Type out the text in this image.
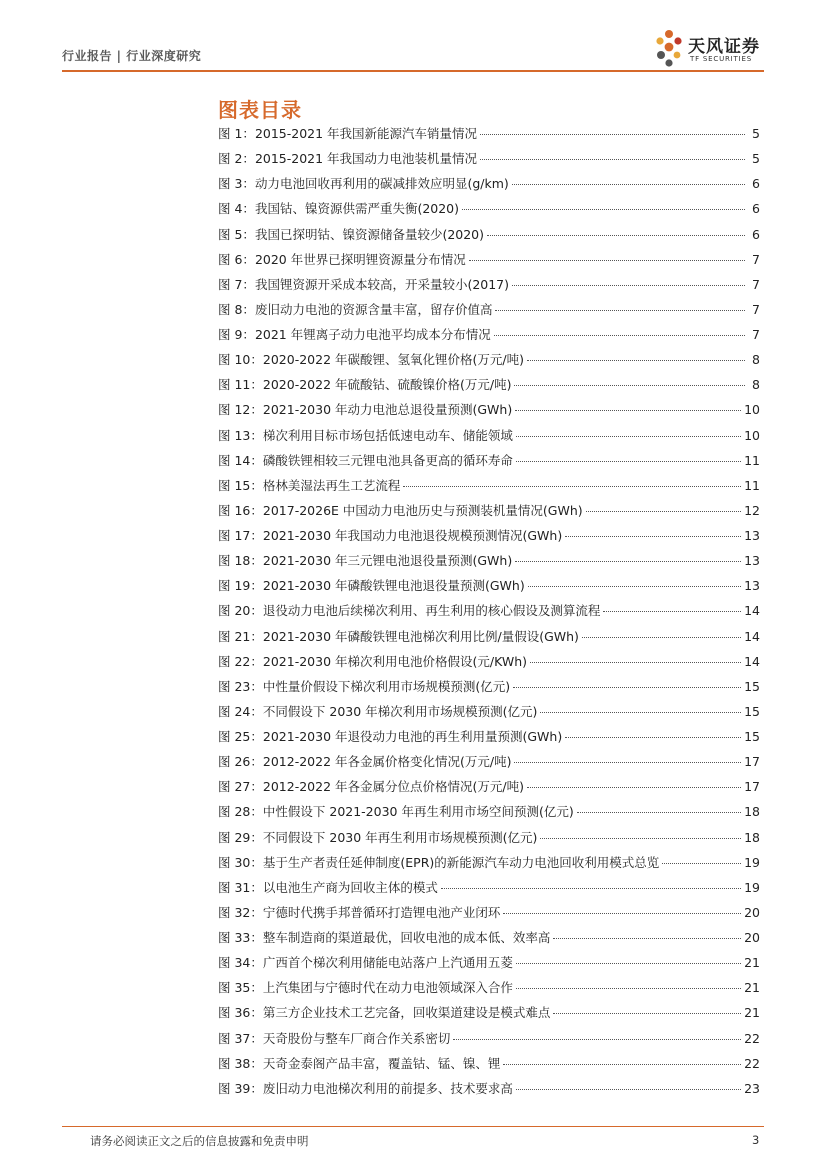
行业报告 | 行业深度研究	天风证券
TF SECURITIES
图表目录
图 1：2015-2021 年我国新能源汽车销量情况	5
图 2：2015-2021 年我国动力电池装机量情况	5
图 3：动力电池回收再利用的碳减排效应明显(g/km)	6
图 4：我国钴、镍资源供需严重失衡(2020)	6
图 5：我国已探明钴、镍资源储备量较少(2020)	6
图 6：2020 年世界已探明锂资源量分布情况	7
图 7：我国锂资源开采成本较高，开采量较小(2017)	7
图 8：废旧动力电池的资源含量丰富，留存价值高	7
图 9：2021 年锂离子动力电池平均成本分布情况	7
图 10：2020-2022 年碳酸锂、氢氧化锂价格(万元/吨)	8
图 11：2020-2022 年硫酸钴、硫酸镍价格(万元/吨)	8
图 12：2021-2030 年动力电池总退役量预测(GWh)	10
图 13：梯次利用目标市场包括低速电动车、储能领域	10
图 14：磷酸铁锂相较三元锂电池具备更高的循环寿命	11
图 15：格林美湿法再生工艺流程	11
图 16：2017-2026E 中国动力电池历史与预测装机量情况(GWh)	12
图 17：2021-2030 年我国动力电池退役规模预测情况(GWh)	13
图 18：2021-2030 年三元锂电池退役量预测(GWh)	13
图 19：2021-2030 年磷酸铁锂电池退役量预测(GWh)	13
图 20：退役动力电池后续梯次利用、再生利用的核心假设及测算流程	14
图 21：2021-2030 年磷酸铁锂电池梯次利用比例/量假设(GWh)	14
图 22：2021-2030 年梯次利用电池价格假设(元/KWh)	14
图 23：中性量价假设下梯次利用市场规模预测(亿元)	15
图 24：不同假设下 2030 年梯次利用市场规模预测(亿元)	15
图 25：2021-2030 年退役动力电池的再生利用量预测(GWh)	15
图 26：2012-2022 年各金属价格变化情况(万元/吨)	17
图 27：2012-2022 年各金属分位点价格情况(万元/吨)	17
图 28：中性假设下 2021-2030 年再生利用市场空间预测(亿元)	18
图 29：不同假设下 2030 年再生利用市场规模预测(亿元)	18
图 30：基于生产者责任延伸制度(EPR)的新能源汽车动力电池回收利用模式总览	19
图 31：以电池生产商为回收主体的模式	19
图 32：宁德时代携手邦普循环打造锂电池产业闭环	20
图 33：整车制造商的渠道最优，回收电池的成本低、效率高	20
图 34：广西首个梯次利用储能电站落户上汽通用五菱	21
图 35：上汽集团与宁德时代在动力电池领域深入合作	21
图 36：第三方企业技术工艺完备，回收渠道建设是模式难点	21
图 37：天奇股份与整车厂商合作关系密切	22
图 38：天奇金泰阁产品丰富，覆盖钴、锰、镍、锂	22
图 39：废旧动力电池梯次利用的前提多、技术要求高	23
请务必阅读正文之后的信息披露和免责申明	3
